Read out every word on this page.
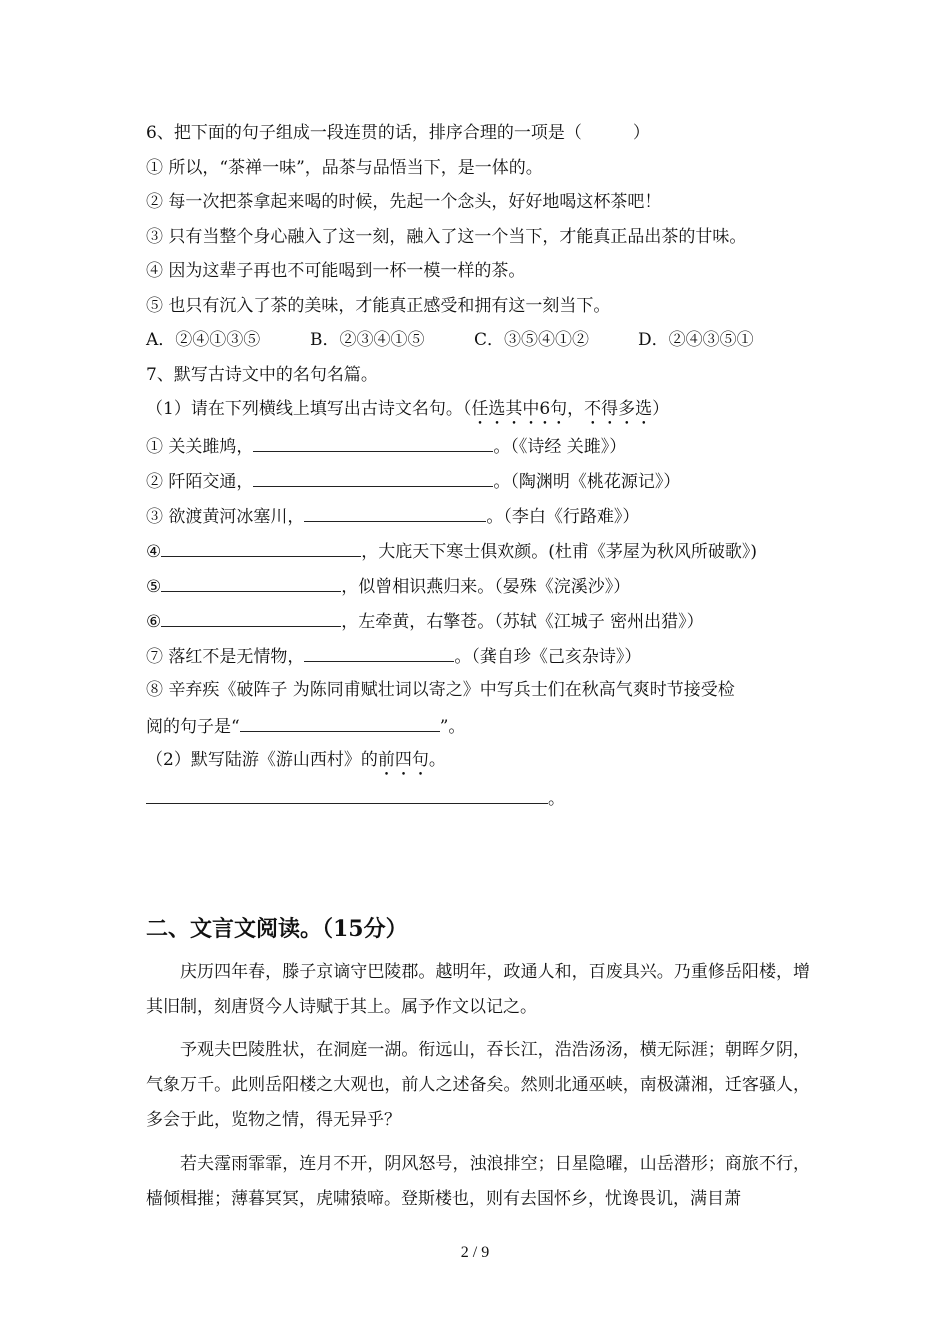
6、把下面的句子组成一段连贯的话，排序合理的一项是（　　　）
① 所以，“茶禅一味”，品茶与品悟当下，是一体的。
② 每一次把茶拿起来喝的时候，先起一个念头，好好地喝这杯茶吧！
③ 只有当整个身心融入了这一刻，融入了这一个当下，才能真正品出茶的甘味。
④ 因为这辈子再也不可能喝到一杯一模一样的茶。
⑤ 也只有沉入了茶的美味，才能真正感受和拥有这一刻当下。
A．②④①③⑤	B．②③④①⑤	C．③⑤④①②	D．②④③⑤①
7、默写古诗文中的名句名篇。
（1）请在下列横线上填写出古诗文名句。（任选其中6句，不得多选）
① 关关雎鸠，	。（《诗经 关雎》）
② 阡陌交通，	。（陶渊明《桃花源记》）
③ 欲渡黄河冰塞川，	。（李白《行路难》）
④	，大庇天下寒士俱欢颜。(杜甫《茅屋为秋风所破歌》)
⑤	，似曾相识燕归来。（晏殊《浣溪沙》）
⑥	，左牵黄，右擎苍。（苏轼《江城子 密州出猎》）
⑦ 落红不是无情物，	。（龚自珍《己亥杂诗》）
⑧ 辛弃疾《破阵子 为陈同甫赋壮词以寄之》中写兵士们在秋高气爽时节接受检
阅的句子是“	”。
（2）默写陆游《游山西村》的前四句。
。
二、文言文阅读。（15分）
庆历四年春，滕子京谪守巴陵郡。越明年，政通人和，百废具兴。乃重修岳阳楼，增其旧制，刻唐贤今人诗赋于其上。属予作文以记之。
予观夫巴陵胜状，在洞庭一湖。衔远山，吞长江，浩浩汤汤，横无际涯；朝晖夕阴，气象万千。此则岳阳楼之大观也，前人之述备矣。然则北通巫峡，南极潇湘，迁客骚人，多会于此，览物之情，得无异乎？
若夫霪雨霏霏，连月不开，阴风怒号，浊浪排空；日星隐曜，山岳潜形；商旅不行，樯倾楫摧；薄暮冥冥，虎啸猿啼。登斯楼也，则有去国怀乡，忧谗畏讥，满目萧
2 / 9
